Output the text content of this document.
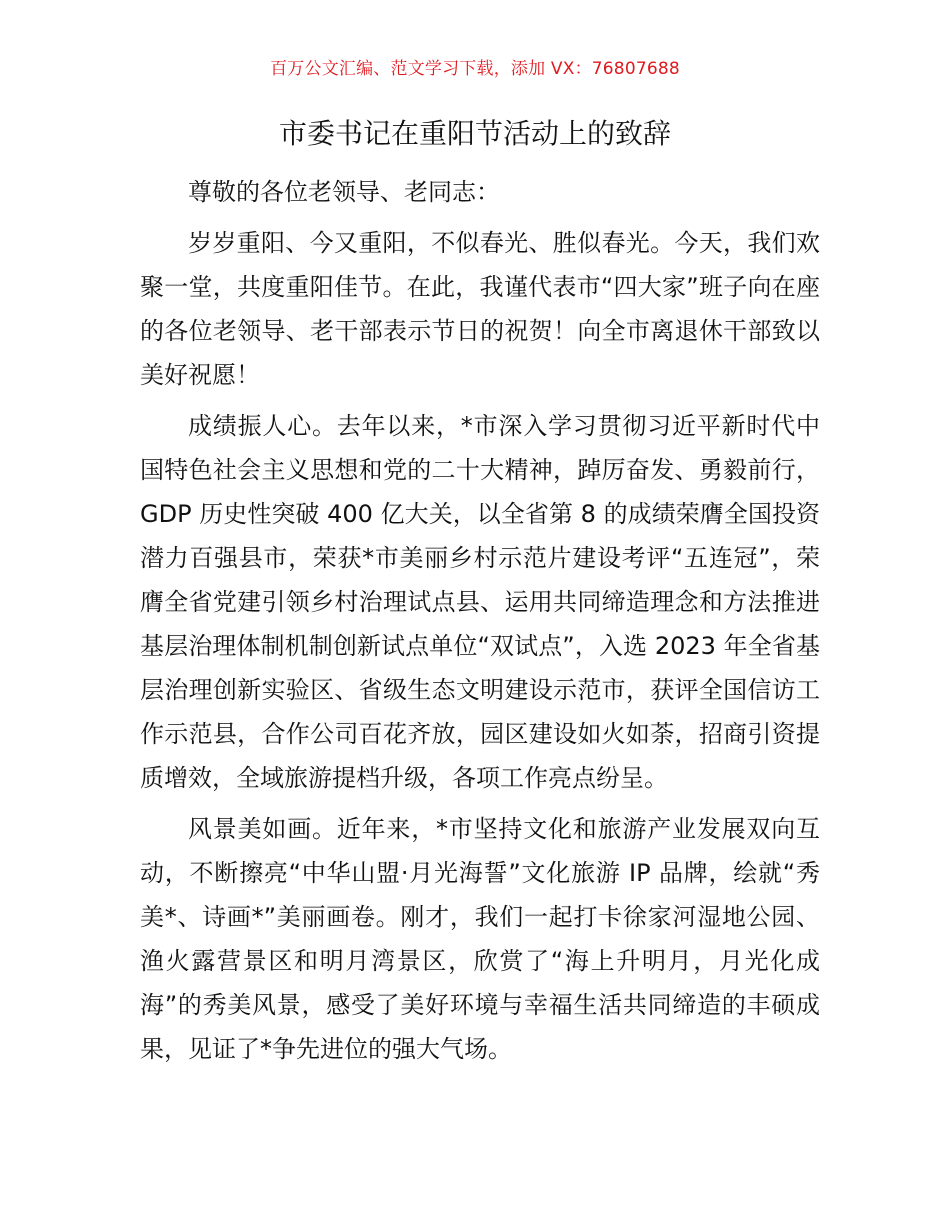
百万公文汇编、范文学习下载，添加 VX：76807688
市委书记在重阳节活动上的致辞

尊敬的各位老领导、老同志：

岁岁重阳、今又重阳，不似春光、胜似春光。今天，我们欢聚一堂，共度重阳佳节。在此，我谨代表市“四大家”班子向在座的各位老领导、老干部表示节日的祝贺！向全市离退休干部致以美好祝愿！

成绩振人心。去年以来，*市深入学习贯彻习近平新时代中国特色社会主义思想和党的二十大精神，踔厉奋发、勇毅前行，GDP 历史性突破 400 亿大关，以全省第 8 的成绩荣膺全国投资潜力百强县市，荣获*市美丽乡村示范片建设考评“五连冠”，荣膺全省党建引领乡村治理试点县、运用共同缔造理念和方法推进基层治理体制机制创新试点单位“双试点”，入选 2023 年全省基层治理创新实验区、省级生态文明建设示范市，获评全国信访工作示范县，合作公司百花齐放，园区建设如火如荼，招商引资提质增效，全域旅游提档升级，各项工作亮点纷呈。

风景美如画。近年来，*市坚持文化和旅游产业发展双向互动，不断擦亮“中华山盟·月光海誓”文化旅游 IP 品牌，绘就“秀美*、诗画*”美丽画卷。刚才，我们一起打卡徐家河湿地公园、渔火露营景区和明月湾景区，欣赏了“海上升明月，月光化成海”的秀美风景，感受了美好环境与幸福生活共同缔造的丰硕成果，见证了*争先进位的强大气场。
